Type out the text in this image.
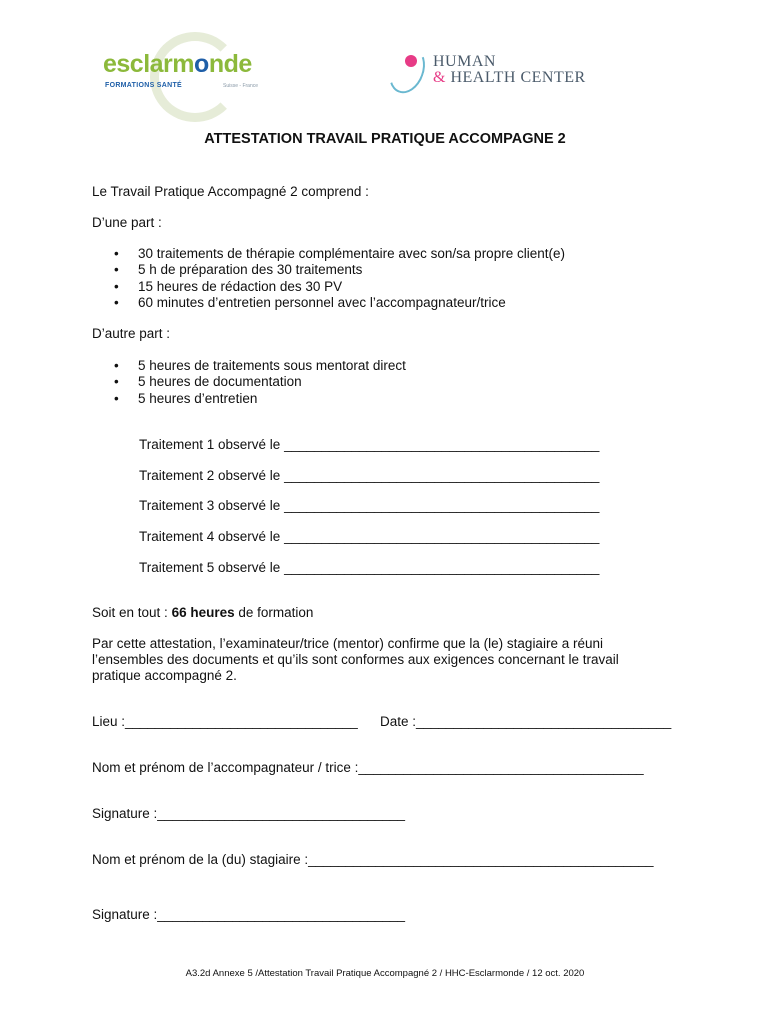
esclarmonde
FORMATIONS SANTÉ	Suisse - France
HUMAN
& HEALTH CENTER
ATTESTATION TRAVAIL PRATIQUE ACCOMPAGNE 2
Le Travail Pratique Accompagné 2 comprend :
D’une part :
• 30 traitements de thérapie complémentaire avec son/sa propre client(e)
• 5 h de préparation des 30 traitements
• 15 heures de rédaction des 30 PV
• 60 minutes d’entretien personnel avec l’accompagnateur/trice
D’autre part :
• 5 heures de traitements sous mentorat direct
• 5 heures de documentation
• 5 heures d’entretien
Traitement 1 observé le __________________________________________
Traitement 2 observé le __________________________________________
Traitement 3 observé le __________________________________________
Traitement 4 observé le __________________________________________
Traitement 5 observé le __________________________________________
Soit en tout : 66 heures de formation
Par cette attestation, l’examinateur/trice (mentor) confirme que la (le) stagiaire a réuni
l’ensembles des documents et qu’ils sont conformes aux exigences concernant le travail
pratique accompagné 2.
Lieu :_______________________________ Date :__________________________________
Nom et prénom de l’accompagnateur / trice :______________________________________
Signature :_________________________________
Nom et prénom de la (du) stagiaire :______________________________________________
Signature :_________________________________
A3.2d Annexe 5 /Attestation Travail Pratique Accompagné 2 / HHC-Esclarmonde / 12 oct. 2020
